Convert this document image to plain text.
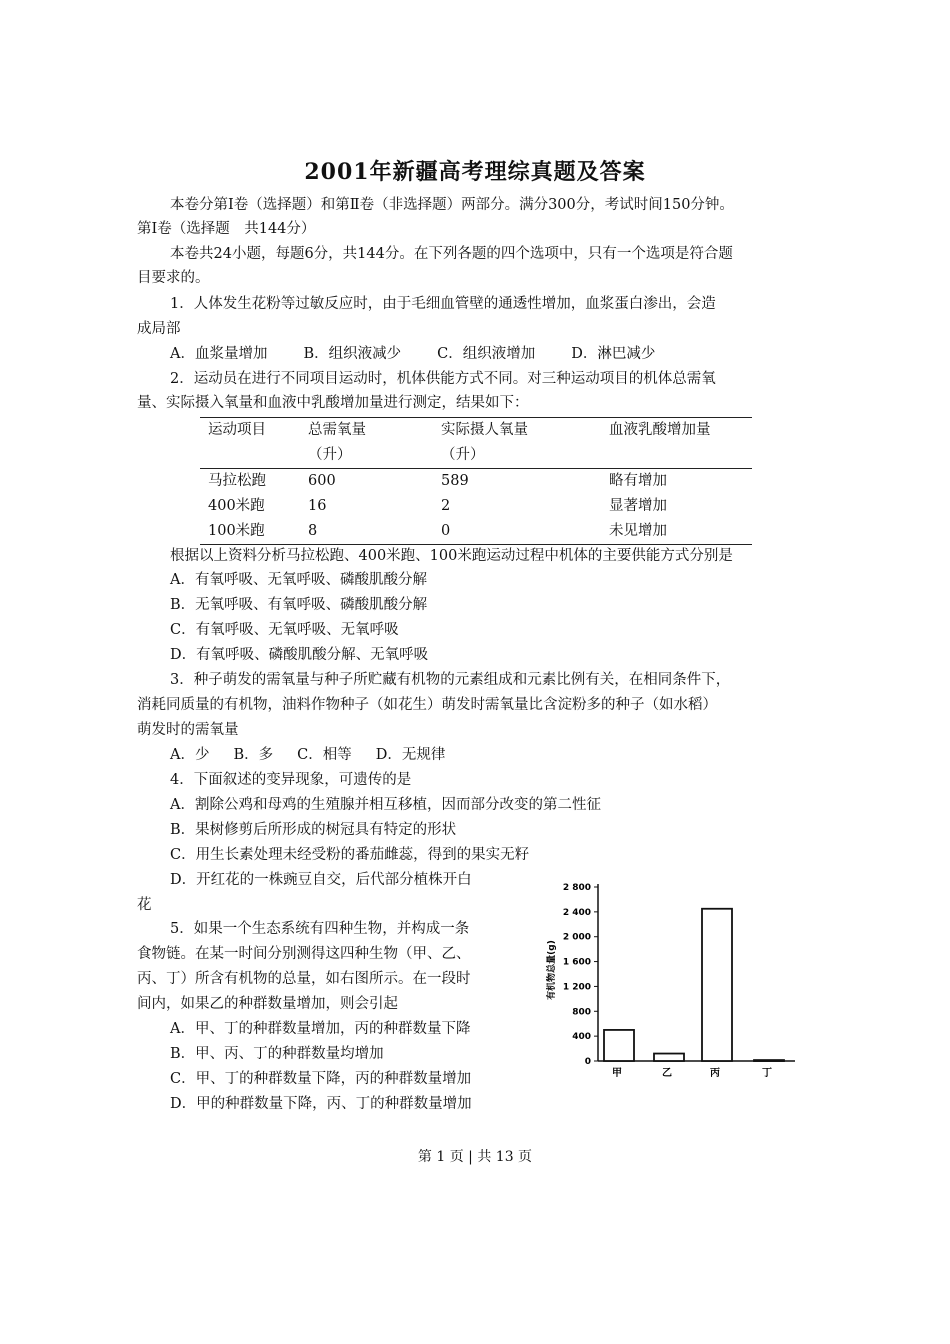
2001年新疆高考理综真题及答案
本卷分第Ⅰ卷（选择题）和第Ⅱ卷（非选择题）两部分。满分300分，考试时间150分钟。
第Ⅰ卷（选择题　共144分）
本卷共24小题，每题6分，共144分。在下列各题的四个选项中，只有一个选项是符合题
目要求的。
1．人体发生花粉等过敏反应时，由于毛细血管壁的通透性增加，血浆蛋白渗出，会造
成局部
A．血浆量增加 B．组织液减少 C．组织液增加 D．淋巴减少
2．运动员在进行不同项目运动时，机体供能方式不同。对三种运动项目的机体总需氧
量、实际摄入氧量和血液中乳酸增加量进行测定，结果如下：
运动项目	总需氧量	实际摄人氧量	血液乳酸增加量
	（升）	（升）	
马拉松跑	600	589	略有增加
400米跑	16	2	显著增加
100米跑	8	0	未见增加
根据以上资料分析马拉松跑、400米跑、100米跑运动过程中机体的主要供能方式分别是
A．有氧呼吸、无氧呼吸、磷酸肌酸分解
B．无氧呼吸、有氧呼吸、磷酸肌酸分解
C．有氧呼吸、无氧呼吸、无氧呼吸
D．有氧呼吸、磷酸肌酸分解、无氧呼吸
3．种子萌发的需氧量与种子所贮藏有机物的元素组成和元素比例有关，在相同条件下，
消耗同质量的有机物，油料作物种子（如花生）萌发时需氧量比含淀粉多的种子（如水稻）
萌发时的需氧量
A．少 B．多 C．相等 D．无规律
4．下面叙述的变异现象，可遗传的是
A．割除公鸡和母鸡的生殖腺并相互移植，因而部分改变的第二性征
B．果树修剪后所形成的树冠具有特定的形状
C．用生长素处理未经受粉的番茄雌蕊，得到的果实无籽
D．开红花的一株豌豆自交，后代部分植株开白
花
5．如果一个生态系统有四种生物，并构成一条
食物链。在某一时间分别测得这四种生物（甲、乙、
丙、丁）所含有机物的总量，如右图所示。在一段时
间内，如果乙的种群数量增加，则会引起
A．甲、丁的种群数量增加，丙的种群数量下降
B．甲、丙、丁的种群数量均增加
C．甲、丁的种群数量下降，丙的种群数量增加
D．甲的种群数量下降，丙、丁的种群数量增加
有机物总量(g)
0
400
800
1 200
1 600
2 000
2 400
2 800
甲	乙	丙	丁
第 1 页 | 共 13 页
